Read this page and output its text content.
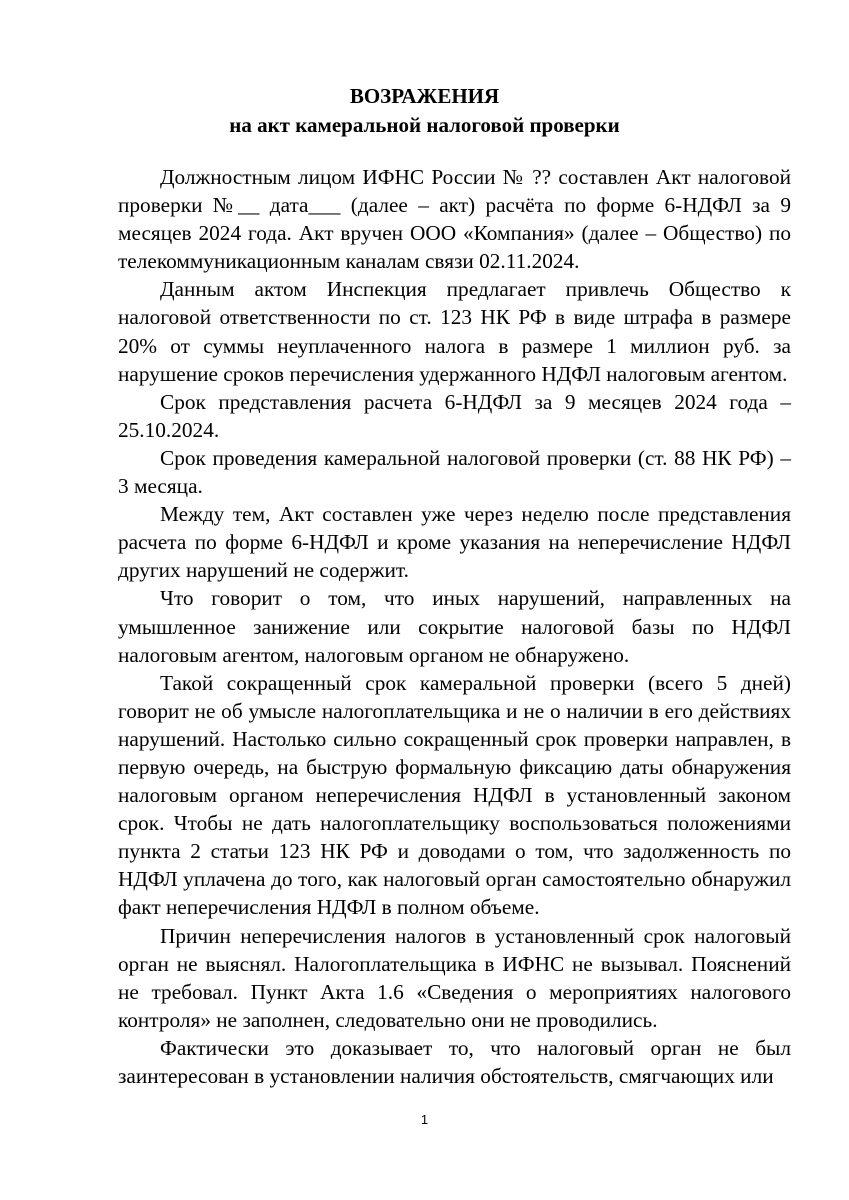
ВОЗРАЖЕНИЯ
на акт камеральной налоговой проверки

Должностным лицом ИФНС России № ?? составлен Акт налоговой проверки №__ дата___ (далее – акт) расчёта по форме 6-НДФЛ за 9 месяцев 2024 года. Акт вручен ООО «Компания» (далее – Общество) по телекоммуникационным каналам связи 02.11.2024.

Данным актом Инспекция предлагает привлечь Общество к налоговой ответственности по ст. 123 НК РФ в виде штрафа в размере 20% от суммы неуплаченного налога в размере 1 миллион руб. за нарушение сроков перечисления удержанного НДФЛ налоговым агентом.

Срок представления расчета 6-НДФЛ за 9 месяцев 2024 года – 25.10.2024.

Срок проведения камеральной налоговой проверки (ст. 88 НК РФ) – 3 месяца.

Между тем, Акт составлен уже через неделю после представления расчета по форме 6-НДФЛ и кроме указания на неперечисление НДФЛ других нарушений не содержит.

Что говорит о том, что иных нарушений, направленных на умышленное занижение или сокрытие налоговой базы по НДФЛ налоговым агентом, налоговым органом не обнаружено.

Такой сокращенный срок камеральной проверки (всего 5 дней) говорит не об умысле налогоплательщика и не о наличии в его действиях нарушений. Настолько сильно сокращенный срок проверки направлен, в первую очередь, на быструю формальную фиксацию даты обнаружения налоговым органом неперечисления НДФЛ в установленный законом срок. Чтобы не дать налогоплательщику воспользоваться положениями пункта 2 статьи 123 НК РФ и доводами о том, что задолженность по НДФЛ уплачена до того, как налоговый орган самостоятельно обнаружил факт неперечисления НДФЛ в полном объеме.

Причин неперечисления налогов в установленный срок налоговый орган не выяснял. Налогоплательщика в ИФНС не вызывал. Пояснений не требовал. Пункт Акта 1.6 «Сведения о мероприятиях налогового контроля» не заполнен, следовательно они не проводились.

Фактически это доказывает то, что налоговый орган не был заинтересован в установлении наличия обстоятельств, смягчающих или

1
